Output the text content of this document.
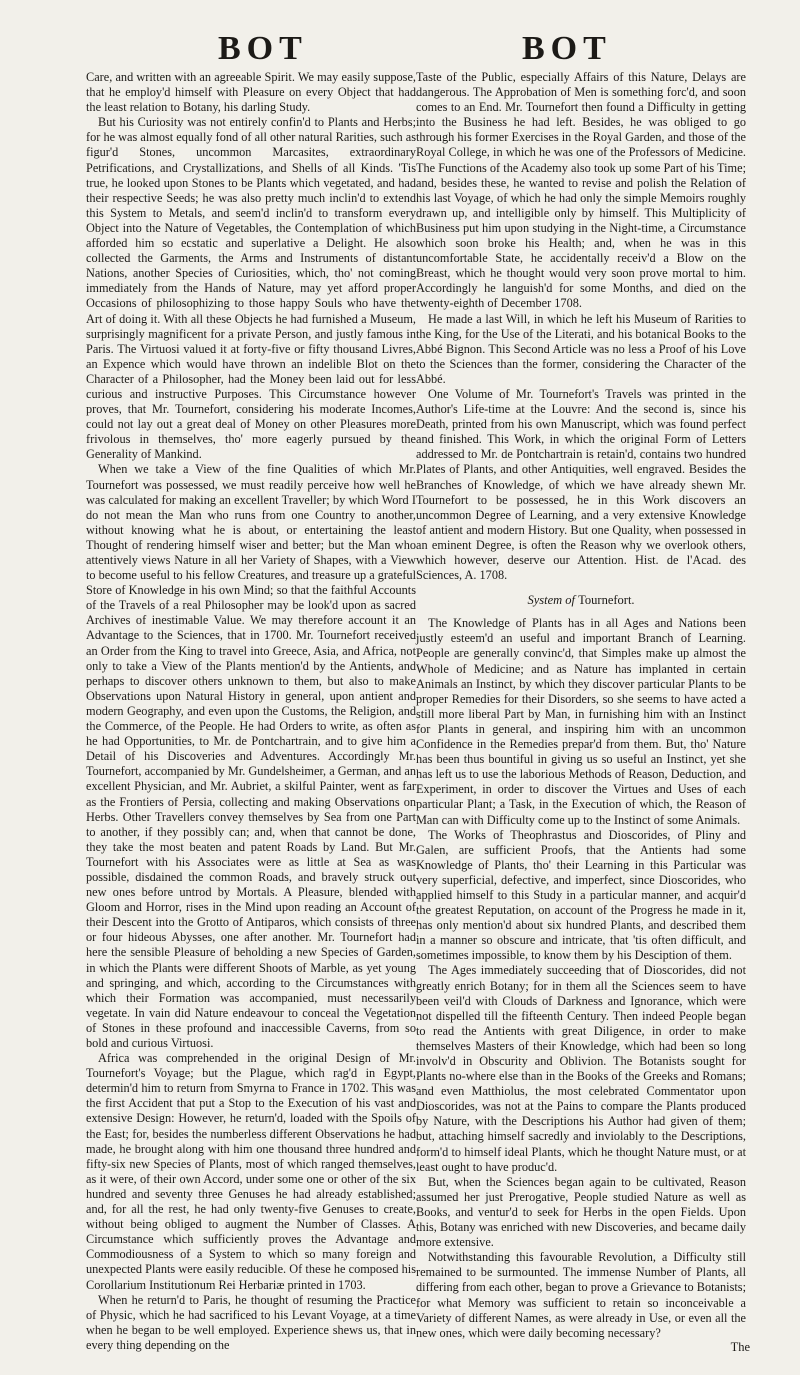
BOT	BOT

Care, and written with an agreeable Spirit. We may easily suppose, that he employ'd himself with Pleasure on every Object that had the least relation to Botany, his darling Study.

But his Curiosity was not entirely confin'd to Plants and Herbs; for he was almost equally fond of all other natural Rarities, such as figur'd Stones, uncommon Marcasites, extraordinary Petrifications, and Crystallizations, and Shells of all Kinds. 'Tis true, he looked upon Stones to be Plants which vegetated, and had their respective Seeds; he was also pretty much inclin'd to extend this System to Metals, and seem'd inclin'd to transform every Object into the Nature of Vegetables, the Contemplation of which afforded him so ecstatic and superlative a Delight. He also collected the Garments, the Arms and Instruments of distant Nations, another Species of Curiosities, which, tho' not coming immediately from the Hands of Nature, may yet afford proper Occasions of philosophizing to those happy Souls who have the Art of doing it. With all these Objects he had furnished a Museum, surprisingly magnificent for a private Person, and justly famous in Paris. The Virtuosi valued it at forty-five or fifty thousand Livres, an Expence which would have thrown an indelible Blot on the Character of a Philosopher, had the Money been laid out for less curious and instructive Purposes. This Circumstance however proves, that Mr. Tournefort, considering his moderate Incomes, could not lay out a great deal of Money on other Pleasures more frivolous in themselves, tho' more eagerly pursued by the Generality of Mankind.

When we take a View of the fine Qualities of which Mr. Tournefort was possessed, we must readily perceive how well he was calculated for making an excellent Traveller; by which Word I do not mean the Man who runs from one Country to another, without knowing what he is about, or entertaining the least Thought of rendering himself wiser and better; but the Man who attentively views Nature in all her Variety of Shapes, with a View to become useful to his fellow Creatures, and treasure up a grateful Store of Knowledge in his own Mind; so that the faithful Accounts of the Travels of a real Philosopher may be look'd upon as sacred Archives of inestimable Value. We may therefore account it an Advantage to the Sciences, that in 1700. Mr. Tournefort received an Order from the King to travel into Greece, Asia, and Africa, not only to take a View of the Plants mention'd by the Antients, and perhaps to discover others unknown to them, but also to make Observations upon Natural History in general, upon antient and modern Geography, and even upon the Customs, the Religion, and the Commerce, of the People. He had Orders to write, as often as he had Opportunities, to Mr. de Pontchartrain, and to give him a Detail of his Discoveries and Adventures. Accordingly Mr. Tournefort, accompanied by Mr. Gundelsheimer, a German, and an excellent Physician, and Mr. Aubriet, a skilful Painter, went as far as the Frontiers of Persia, collecting and making Observations on Herbs. Other Travellers convey themselves by Sea from one Part to another, if they possibly can; and, when that cannot be done, they take the most beaten and patent Roads by Land. But Mr. Tournefort with his Associates were as little at Sea as was possible, disdained the common Roads, and bravely struck out new ones before untrod by Mortals. A Pleasure, blended with Gloom and Horror, rises in the Mind upon reading an Account of their Descent into the Grotto of Antiparos, which consists of three or four hideous Abysses, one after another. Mr. Tournefort had here the sensible Pleasure of beholding a new Species of Garden, in which the Plants were different Shoots of Marble, as yet young and springing, and which, according to the Circumstances with which their Formation was accompanied, must necessarily vegetate. In vain did Nature endeavour to conceal the Vegetation of Stones in these profound and inaccessible Caverns, from so bold and curious Virtuosi.

Africa was comprehended in the original Design of Mr. Tournefort's Voyage; but the Plague, which rag'd in Egypt, determin'd him to return from Smyrna to France in 1702. This was the first Accident that put a Stop to the Execution of his vast and extensive Design: However, he return'd, loaded with the Spoils of the East; for, besides the numberless different Observations he had made, he brought along with him one thousand three hundred and fifty-six new Species of Plants, most of which ranged themselves, as it were, of their own Accord, under some one or other of the six hundred and seventy three Genuses he had already established; and, for all the rest, he had only twenty-five Genuses to create, without being obliged to augment the Number of Classes. A Circumstance which sufficiently proves the Advantage and Commodiousness of a System to which so many foreign and unexpected Plants were easily reducible. Of these he composed his Corollarium Institutionum Rei Herbariæ printed in 1703.

When he return'd to Paris, he thought of resuming the Practice of Physic, which he had sacrificed to his Levant Voyage, at a time when he began to be well employed. Experience shews us, that in every thing depending on the

Taste of the Public, especially Affairs of this Nature, Delays are dangerous. The Approbation of Men is something forc'd, and soon comes to an End. Mr. Tournefort then found a Difficulty in getting into the Business he had left. Besides, he was obliged to go through his former Exercises in the Royal Garden, and those of the Royal College, in which he was one of the Professors of Medicine. The Functions of the Academy also took up some Part of his Time; and, besides these, he wanted to revise and polish the Relation of his last Voyage, of which he had only the simple Memoirs roughly drawn up, and intelligible only by himself. This Multiplicity of Business put him upon studying in the Night-time, a Circumstance which soon broke his Health; and, when he was in this uncomfortable State, he accidentally receiv'd a Blow on the Breast, which he thought would very soon prove mortal to him. Accordingly he languish'd for some Months, and died on the twenty-eighth of December 1708.

He made a last Will, in which he left his Museum of Rarities to the King, for the Use of the Literati, and his botanical Books to the Abbé Bignon. This Second Article was no less a Proof of his Love to the Sciences than the former, considering the Character of the Abbé.

One Volume of Mr. Tournefort's Travels was printed in the Author's Life-time at the Louvre: And the second is, since his Death, printed from his own Manuscript, which was found perfect and finished. This Work, in which the original Form of Letters addressed to Mr. de Pontchartrain is retain'd, contains two hundred Plates of Plants, and other Antiquities, well engraved. Besides the Branches of Knowledge, of which we have already shewn Mr. Tournefort to be possessed, he in this Work discovers an uncommon Degree of Learning, and a very extensive Knowledge of antient and modern History. But one Quality, when possessed in an eminent Degree, is often the Reason why we overlook others, which however, deserve our Attention. Hist. de l'Acad. des Sciences, A. 1708.

System of Tournefort.

The Knowledge of Plants has in all Ages and Nations been justly esteem'd an useful and important Branch of Learning. People are generally convinc'd, that Simples make up almost the Whole of Medicine; and as Nature has implanted in certain Animals an Instinct, by which they discover particular Plants to be proper Remedies for their Disorders, so she seems to have acted a still more liberal Part by Man, in furnishing him with an Instinct for Plants in general, and inspiring him with an uncommon Confidence in the Remedies prepar'd from them. But, tho' Nature has been thus bountiful in giving us so useful an Instinct, yet she has left us to use the laborious Methods of Reason, Deduction, and Experiment, in order to discover the Virtues and Uses of each particular Plant; a Task, in the Execution of which, the Reason of Man can with Difficulty come up to the Instinct of some Animals.

The Works of Theophrastus and Dioscorides, of Pliny and Galen, are sufficient Proofs, that the Antients had some Knowledge of Plants, tho' their Learning in this Particular was very superficial, defective, and imperfect, since Dioscorides, who applied himself to this Study in a particular manner, and acquir'd the greatest Reputation, on account of the Progress he made in it, has only mention'd about six hundred Plants, and described them in a manner so obscure and intricate, that 'tis often difficult, and sometimes impossible, to know them by his Desciption of them.

The Ages immediately succeeding that of Dioscorides, did not greatly enrich Botany; for in them all the Sciences seem to have been veil'd with Clouds of Darkness and Ignorance, which were not dispelled till the fifteenth Century. Then indeed People began to read the Antients with great Diligence, in order to make themselves Masters of their Knowledge, which had been so long involv'd in Obscurity and Oblivion. The Botanists sought for Plants no-where else than in the Books of the Greeks and Romans; and even Matthiolus, the most celebrated Commentator upon Dioscorides, was not at the Pains to compare the Plants produced by Nature, with the Descriptions his Author had given of them; but, attaching himself sacredly and inviolably to the Descriptions, form'd to himself ideal Plants, which he thought Nature must, or at least ought to have produc'd.

But, when the Sciences began again to be cultivated, Reason assumed her just Prerogative, People studied Nature as well as Books, and ventur'd to seek for Herbs in the open Fields. Upon this, Botany was enriched with new Discoveries, and became daily more extensive.

Notwithstanding this favourable Revolution, a Difficulty still remained to be surmounted. The immense Number of Plants, all differing from each other, began to prove a Grievance to Botanists; for what Memory was sufficient to retain so inconceivable a Variety of different Names, as were already in Use, or even all the new ones, which were daily becoming necessary?

The
